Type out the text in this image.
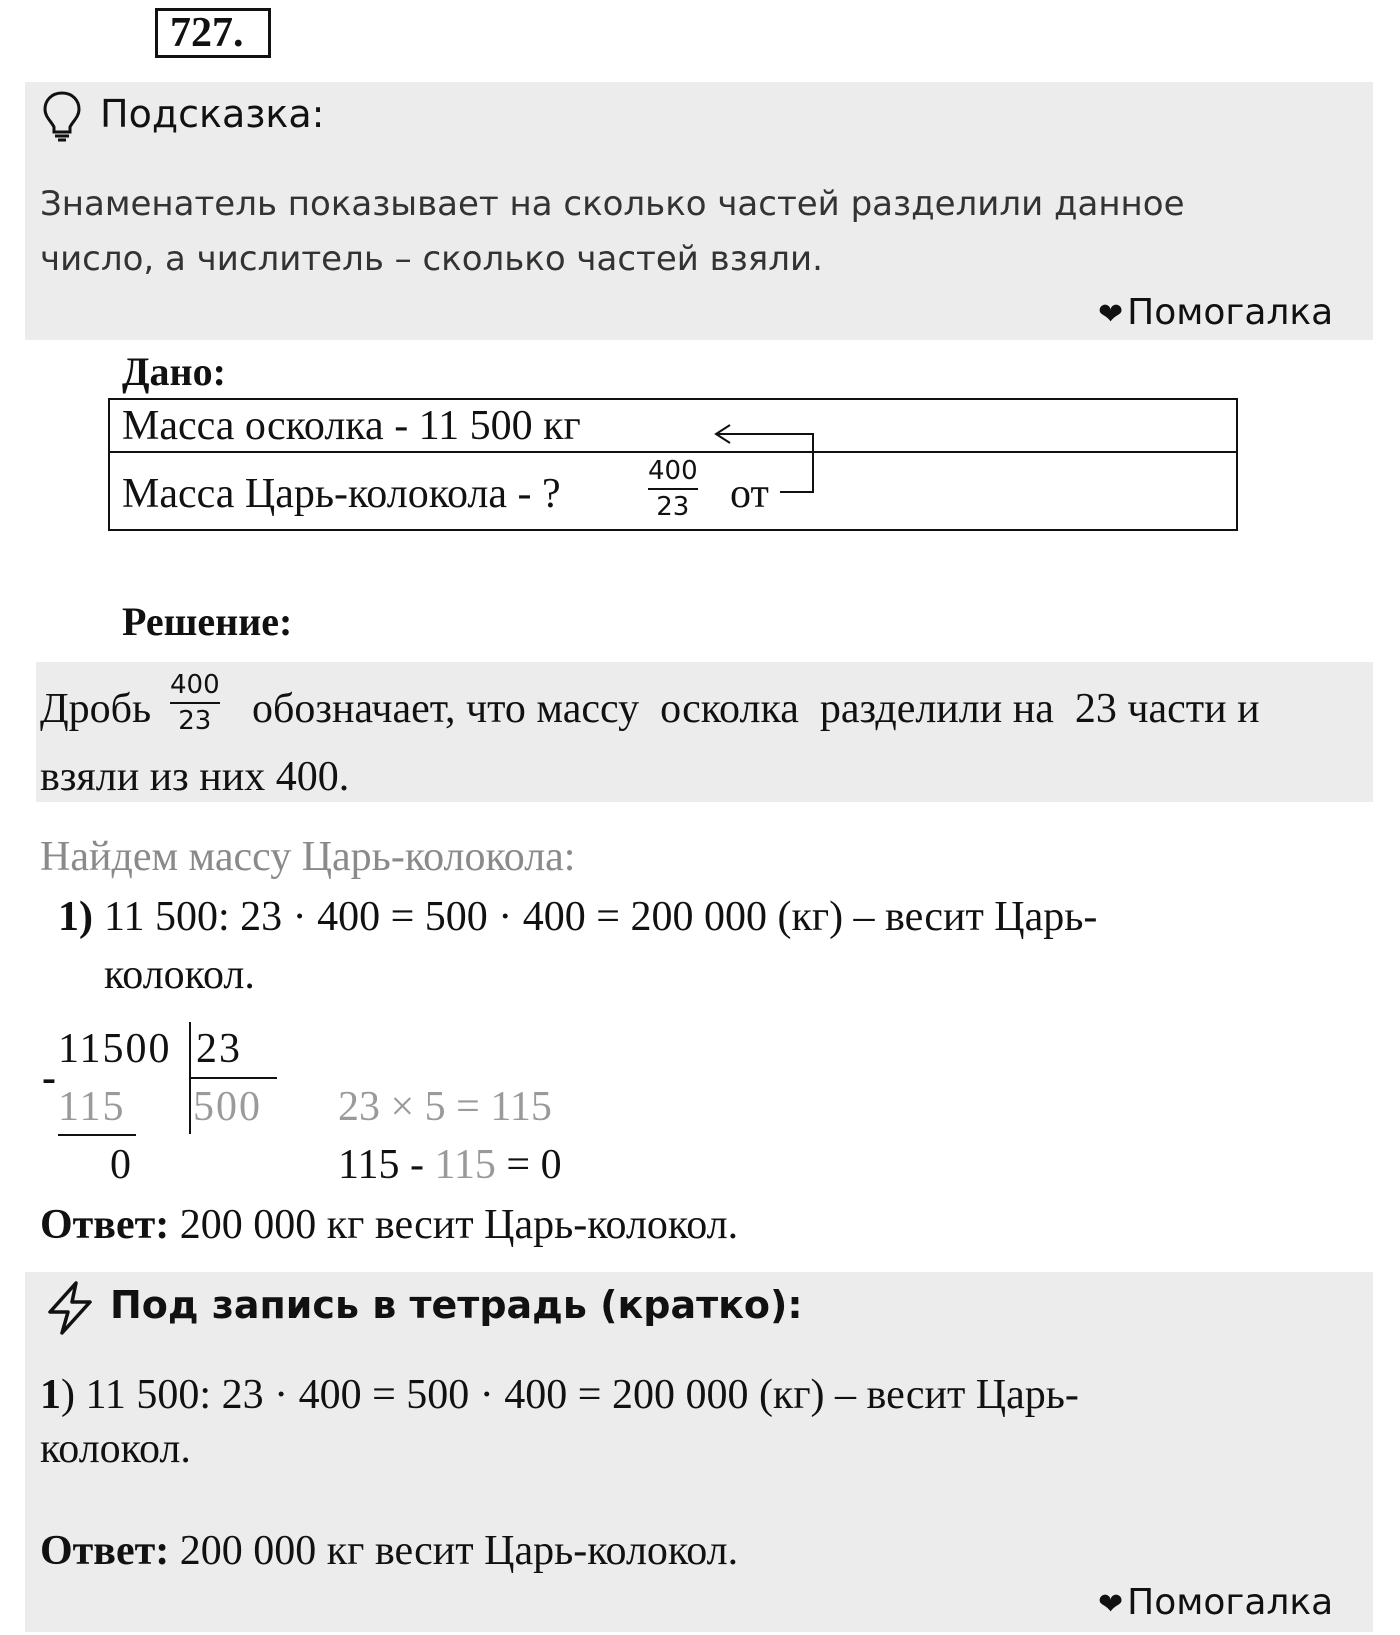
727.
Подсказка:
Знаменатель показывает на сколько частей разделили данное
число, а числитель – сколько частей взяли.
❤ Помогалка
Дано:
Масса осколка - 11 500 кг
Масса Царь-колокола - ?	400
23 от
Решение:
Дробь
400
23 обозначает, что массу  осколка  разделили на  23 части и
взяли из них 400.
Найдем массу Царь-колокола:
1) 11 500: 23 · 400 = 500 · 400 = 200 000 (кг) – весит Царь-
колокол.
-
11500 23
115 500
0
23 × 5 = 115
115 - 115 = 0
Ответ: 200 000 кг весит Царь-колокол.
Под запись в тетрадь (кратко):
1) 11 500: 23 · 400 = 500 · 400 = 200 000 (кг) – весит Царь-
колокол.
Ответ: 200 000 кг весит Царь-колокол.
❤ Помогалка
